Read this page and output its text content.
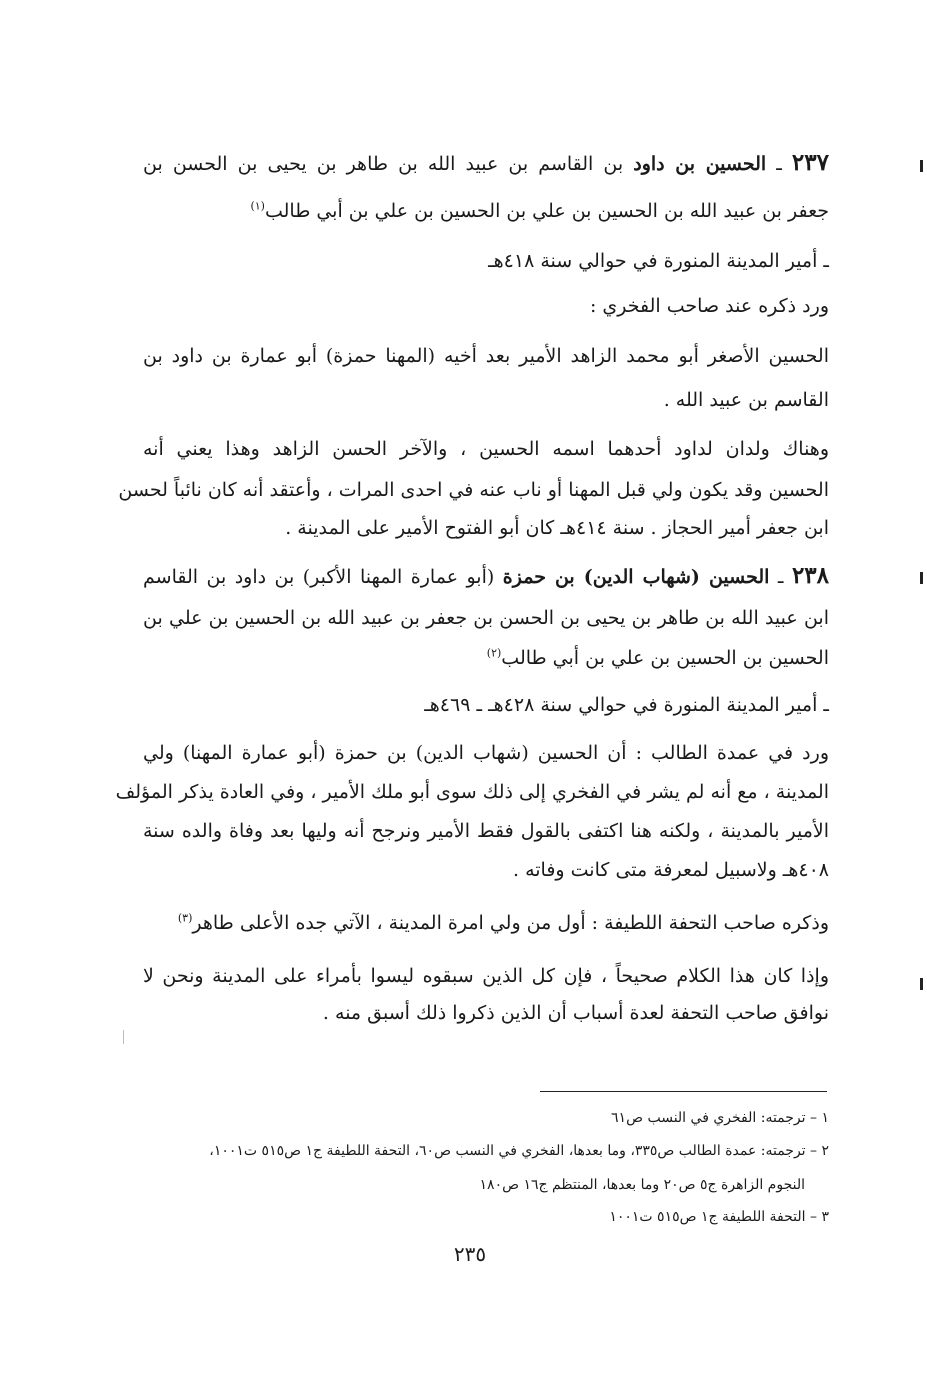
٢٣٧ ـ الحسين بن داود بن القاسم بن عبيد الله بن طاهر بن يحيى بن الحسن بن
جعفر بن عبيد الله بن الحسين بن علي بن الحسين بن علي بن أبي طالب$^{(١)}$
ـ أمير المدينة المنورة في حوالي سنة ٤١٨هـ
ورد ذكره عند صاحب الفخري :
الحسين الأصغر أبو محمد الزاهد الأمير بعد أخيه (المهنا حمزة) أبو عمارة بن داود بن
القاسم بن عبيد الله .
وهناك ولدان لداود أحدهما اسمه الحسين ، والآخر الحسن الزاهد وهذا يعني أنه
الحسين وقد يكون ولي قبل المهنا أو ناب عنه في احدى المرات ، وأعتقد أنه كان نائباً لحسن
ابن جعفر أمير الحجاز . سنة ٤١٤هـ كان أبو الفتوح الأمير على المدينة .
٢٣٨ ـ الحسين (شهاب الدين) بن حمزة (أبو عمارة المهنا الأكبر) بن داود بن القاسم
ابن عبيد الله بن طاهر بن يحيى بن الحسن بن جعفر بن عبيد الله بن الحسين بن علي بن
الحسين بن الحسين بن علي بن أبي طالب$^{(٢)}$
ـ أمير المدينة المنورة في حوالي سنة ٤٢٨هـ ـ ٤٦٩هـ
ورد في عمدة الطالب : أن الحسين (شهاب الدين) بن حمزة (أبو عمارة المهنا) ولي
المدينة ، مع أنه لم يشر في الفخري إلى ذلك سوى أبو ملك الأمير ، وفي العادة يذكر المؤلف
الأمير بالمدينة ، ولكنه هنا اكتفى بالقول فقط الأمير ونرجح أنه وليها بعد وفاة والده سنة
٤٠٨هـ ولاسبيل لمعرفة متى كانت وفاته .
وذكره صاحب التحفة اللطيفة : أول من ولي امرة المدينة ، الآتي جده الأعلى طاهر$^{(٣)}$
وإذا كان هذا الكلام صحيحاً ، فإن كل الذين سبقوه ليسوا بأمراء على المدينة ونحن لا
نوافق صاحب التحفة لعدة أسباب أن الذين ذكروا ذلك أسبق منه .
١ – ترجمته: الفخري في النسب ص٦١
٢ – ترجمته: عمدة الطالب ص٣٣٥، وما بعدها، الفخري في النسب ص٦٠، التحفة اللطيفة ج١ ص٥١٥ ت١٠٠١،
النجوم الزاهرة ج٥ ص٢٠ وما بعدها، المنتظم ج١٦ ص١٨٠
٣ – التحفة اللطيفة ج١ ص٥١٥ ت١٠٠١
٢٣٥
